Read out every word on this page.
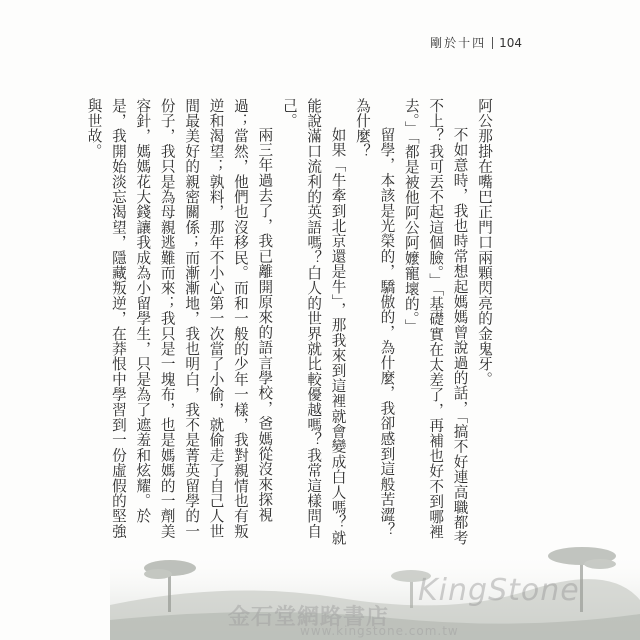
剛於十四 104

阿公那掛在嘴巴正門口兩顆閃亮的金鬼牙。

不如意時，我也時常想起媽媽曾說過的話，「搞不好連高職都考不上？我可丟不起這個臉。」「基礎實在太差了，再補也好不到哪裡去。」「都是被他阿公阿嬤寵壞的。」

留學，本該是光榮的，驕傲的，為什麼，我卻感到這般苦澀？為什麼？

如果「牛牽到北京還是牛」，那我來到這裡就會變成白人嗎？就能說滿口流利的英語嗎？白人的世界就比較優越嗎？我常這樣問自己。

兩三年過去了，我已離開原來的語言學校，爸媽從沒來探視過；當然，他們也沒移民。而和一般的少年一樣，我對親情也有叛逆和渴望；孰料，那年不小心第一次當了小偷，就偷走了自己人世間最美好的親密關係；而漸漸地，我也明白，我不是菁英留學的一份子，我只是為母親逃難而來；我只是一塊布，也是媽媽的一劑美容針，媽媽花大錢讓我成為小留學生，只是為了遮羞和炫耀。於是，我開始淡忘渴望，隱藏叛逆，在莽恨中學習到一份虛假的堅強與世故。

KingStone
金石堂網路書店
www.kingstone.com.tw
